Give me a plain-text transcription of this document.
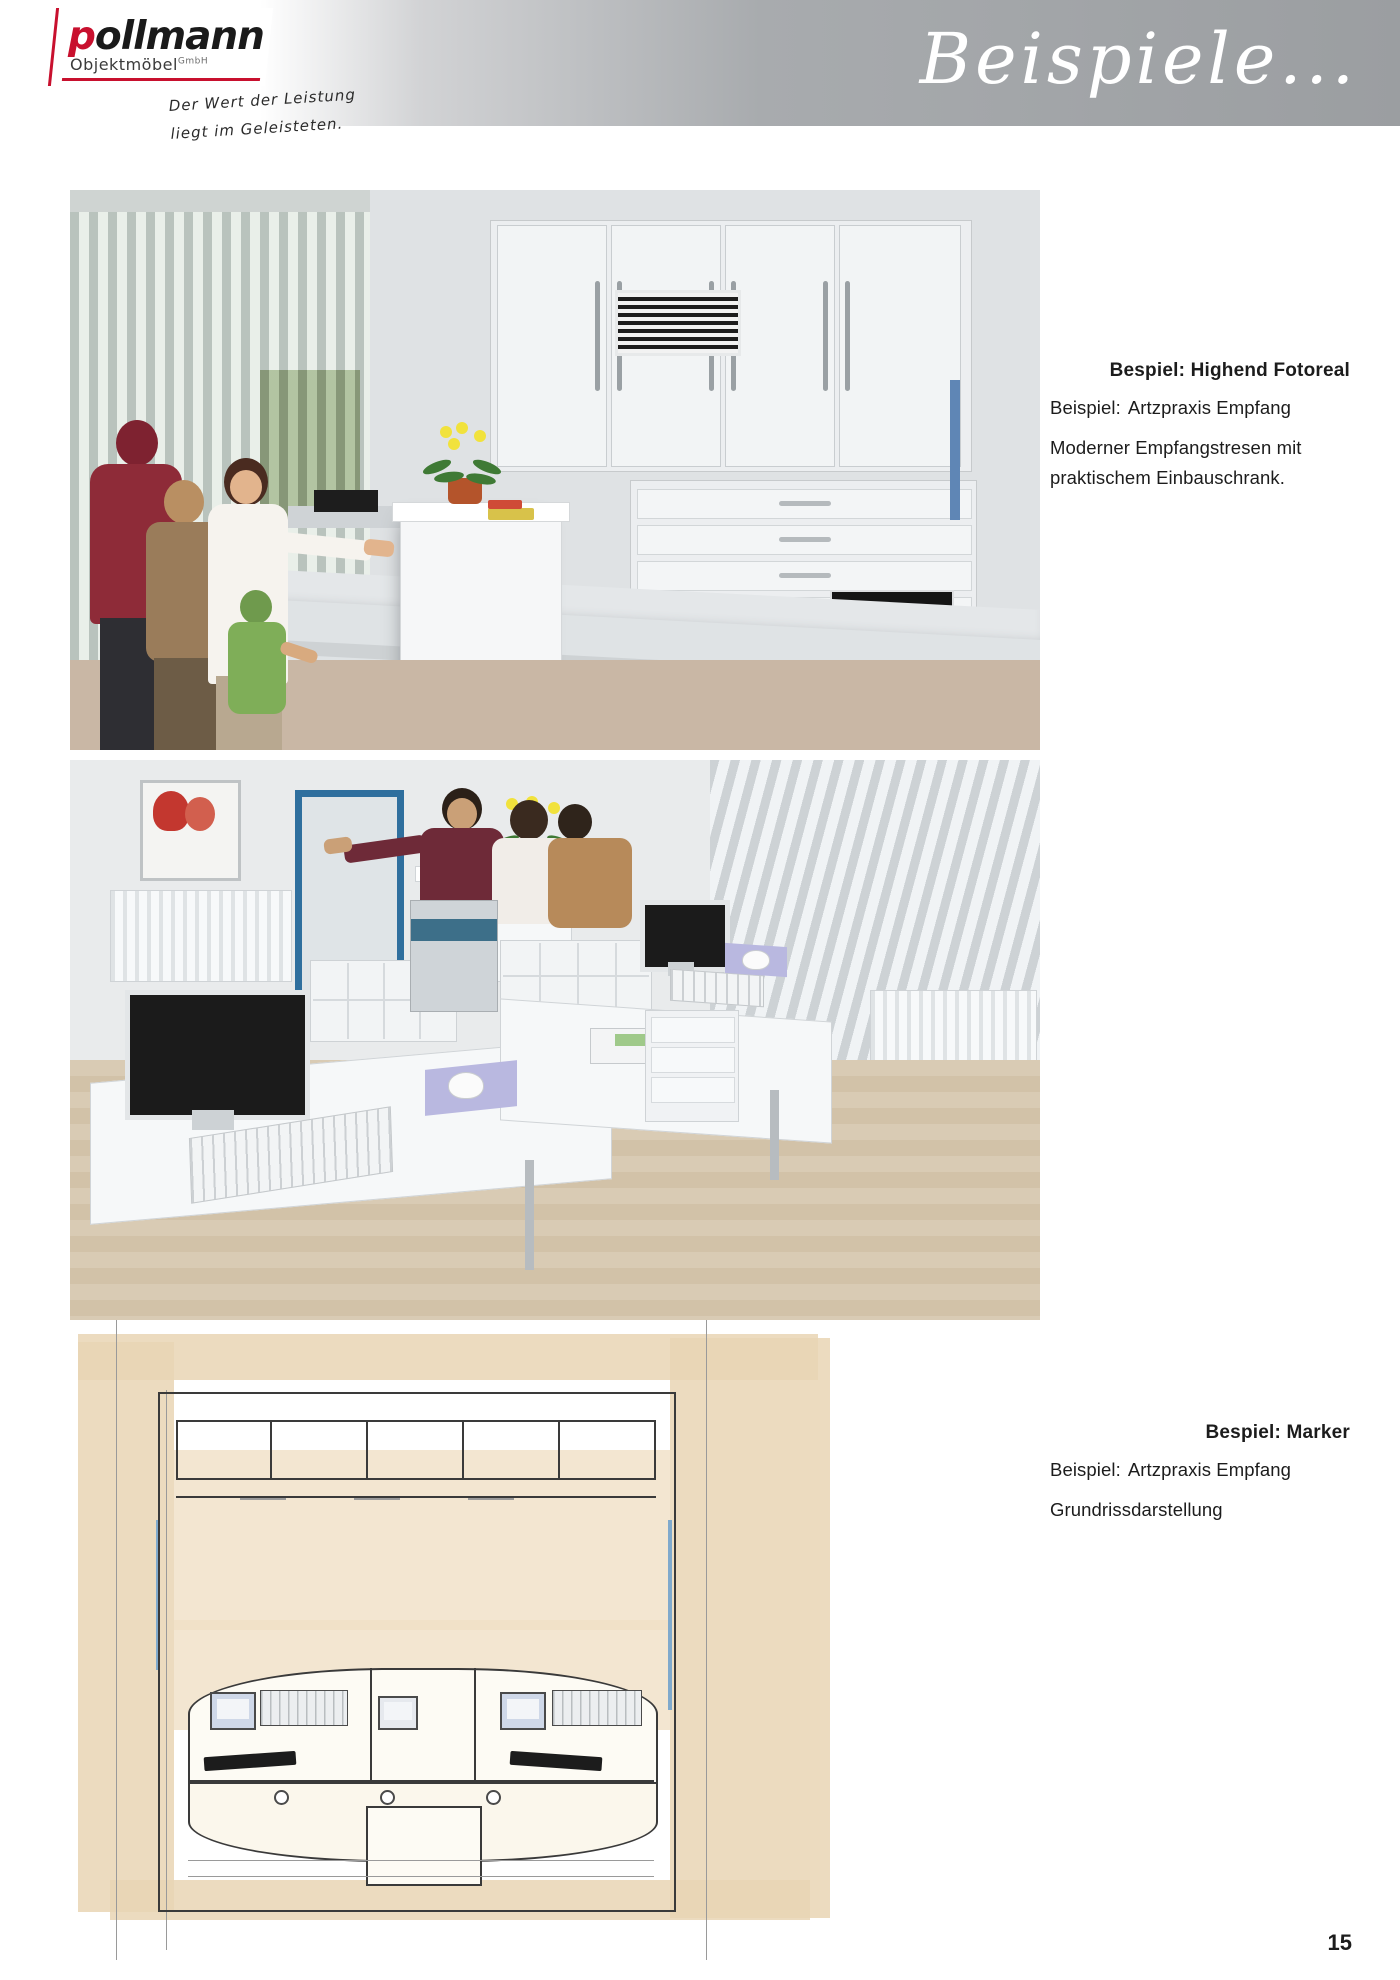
Beispiele...
pollmann
Objektmöbel$^{GmbH}$
Der Wert der Leistung
liegt im Geleisteten.

Bespiel: Highend Fotoreal

Beispiel: Artzpraxis Empfang

Moderner Empfangstresen mit

praktischem Einbauschrank.

Bespiel: Marker

Beispiel: Artzpraxis Empfang

Grundrissdarstellung

15
